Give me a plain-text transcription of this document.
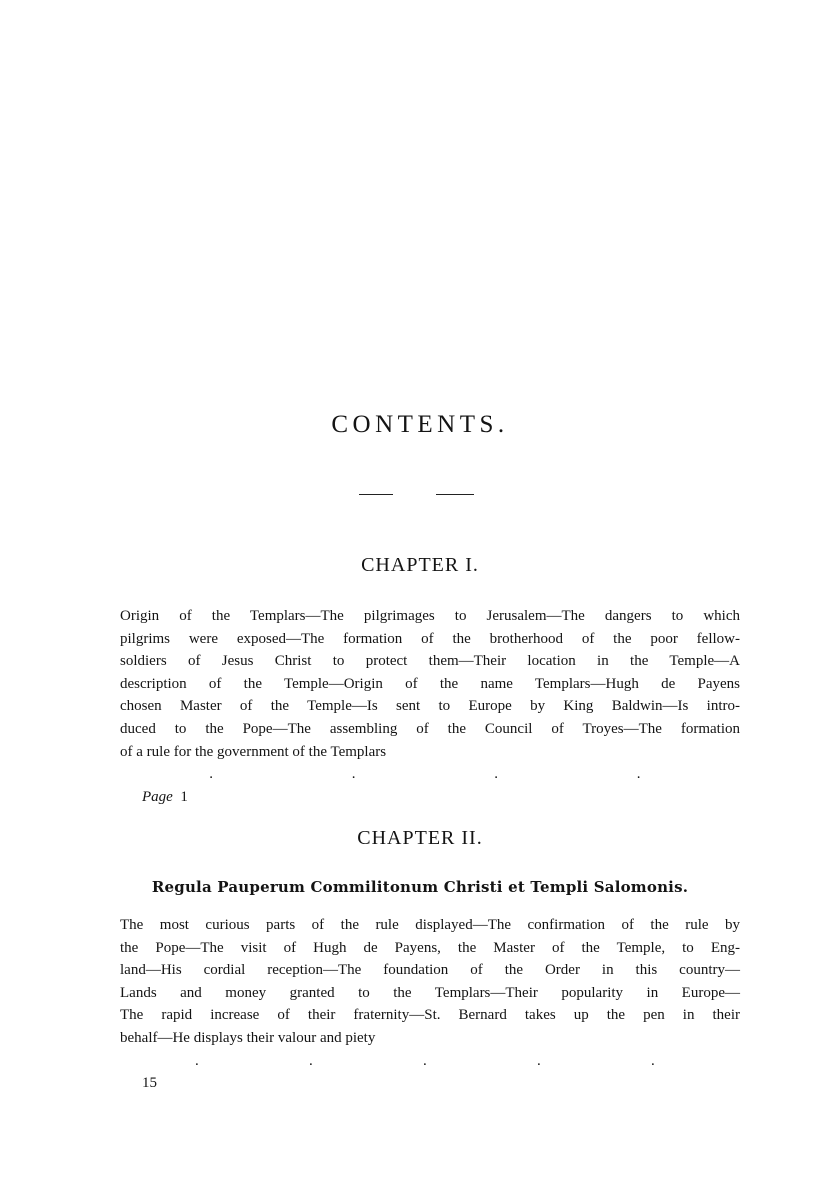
CONTENTS.
CHAPTER I.
Origin of the Templars—The pilgrimages to Jerusalem—The dangers to which
pilgrims were exposed—The formation of the brotherhood of the poor fellow-
soldiers of Jesus Christ to protect them—Their location in the Temple—A
description of the Temple—Origin of the name Templars—Hugh de Payens
chosen Master of the Temple—Is sent to Europe by King Baldwin—Is intro-
duced to the Pope—The assembling of the Council of Troyes—The formation
of a rule for the government of the Templars
.	.	.	.
Page 1
CHAPTER II.

Regula Pauperum Commilitonum Christi et Templi Salomonis.

The most curious parts of the rule displayed—The confirmation of the rule by
the Pope—The visit of Hugh de Payens, the Master of the Temple, to Eng-
land—His cordial reception—The foundation of the Order in this country—
Lands and money granted to the Templars—Their popularity in Europe—
The rapid increase of their fraternity—St. Bernard takes up the pen in their
behalf—He displays their valour and piety
.	.	.	.	.
15
